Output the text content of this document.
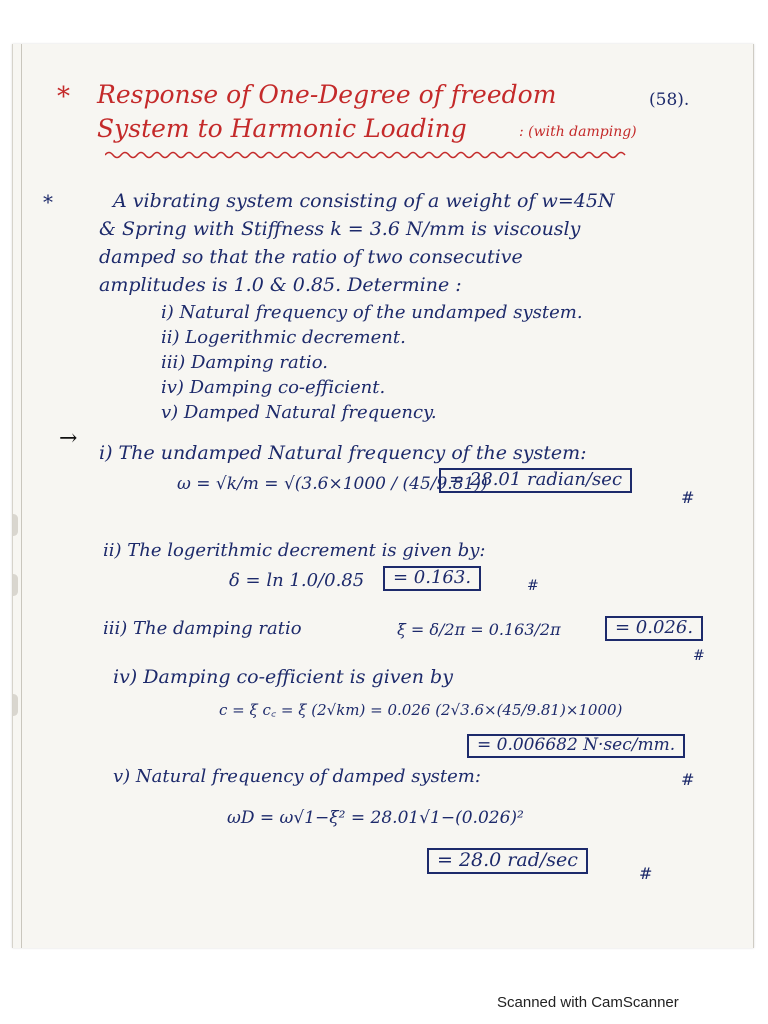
* Response of One-Degree of freedom	(58).
System to Harmonic Loading	: (with damping)
*	A vibrating system consisting of a weight of w=45N
& Spring with Stiffness k = 3.6 N/mm is viscously
damped so that the ratio of two consecutive
amplitudes is 1.0 & 0.85. Determine :
i) Natural frequency of the undamped system.
ii) Logerithmic decrement.
iii) Damping ratio.
iv) Damping co-efficient.
v) Damped Natural frequency.
→
i) The undamped Natural frequency of the system:
ω = √k/m = √(3.6×1000 / (45/9.81))
= 28.01 radian/sec
#
ii) The logerithmic decrement is given by:
δ = ln 1.0/0.85	= 0.163.	#
iii) The damping ratio	ξ = δ/2π = 0.163/2π	= 0.026.
#
iv) Damping co-efficient is given by
c = ξ c꜀ = ξ (2√km) = 0.026 (2√3.6×(45/9.81)×1000)
= 0.006682 N·sec/mm.
v) Natural frequency of damped system:	#
ωD = ω√1−ξ² = 28.01√1−(0.026)²
= 28.0 rad/sec
#
Scanned with CamScanner
